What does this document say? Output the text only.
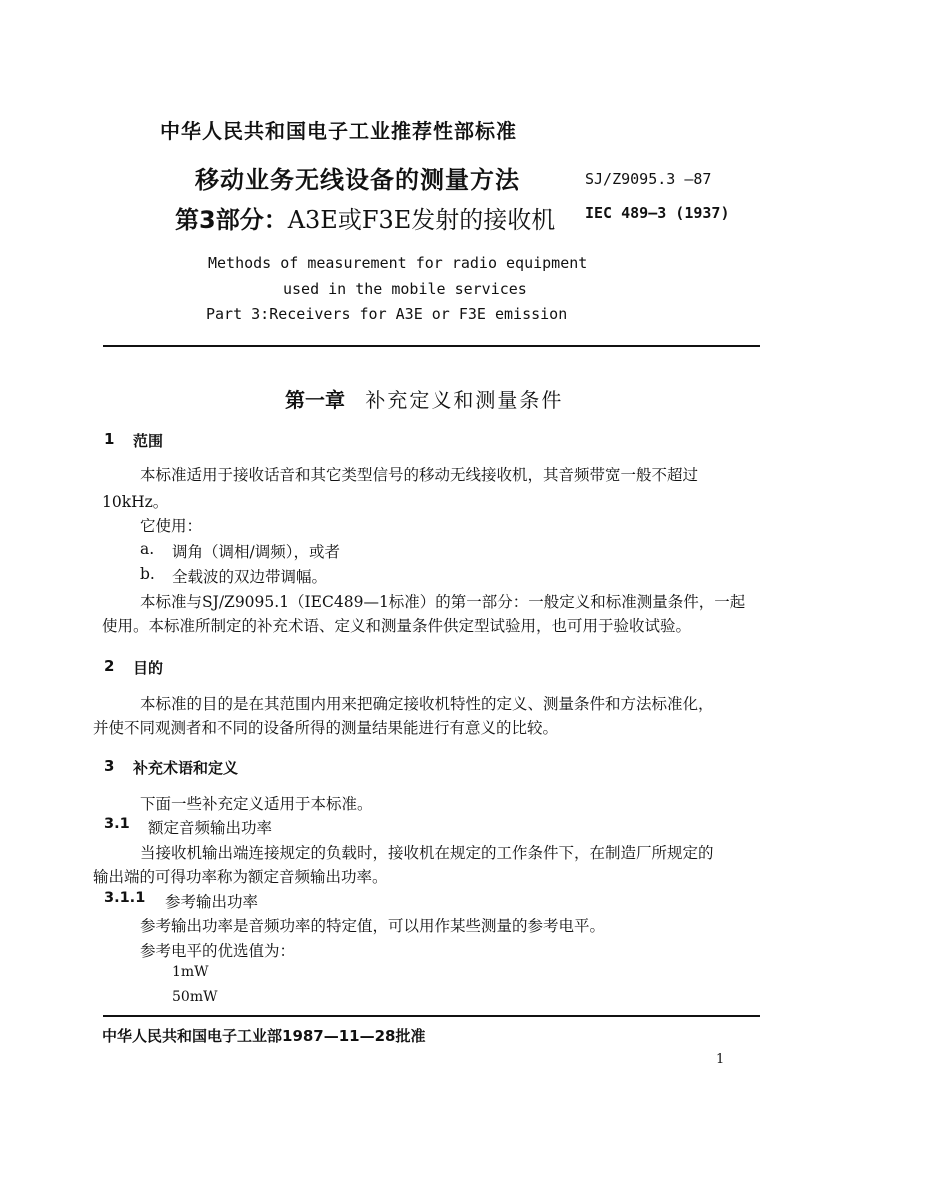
中华人民共和国电子工业推荐性部标准
移动业务无线设备的测量方法	SJ/Z9095.3 —87
第3部分：A3E或F3E发射的接收机 IEC 489—3 (1937)
Methods of measurement for radio equipment
used in the mobile services
Part 3:Receivers for A3E or F3E emission
第一章 补充定义和测量条件
1 范围
本标准适用于接收话音和其它类型信号的移动无线接收机，其音频带宽一般不超过
10kHz。
它使用：
a. 调角（调相/调频），或者
b. 全载波的双边带调幅。
本标准与SJ/Z9095.1（IEC489—1标准）的第一部分：一般定义和标准测量条件，一起
使用。本标准所制定的补充术语、定义和测量条件供定型试验用，也可用于验收试验。
2 目的
本标准的目的是在其范围内用来把确定接收机特性的定义、测量条件和方法标准化，
并使不同观测者和不同的设备所得的测量结果能进行有意义的比较。
3 补充术语和定义
下面一些补充定义适用于本标准。
3.1 额定音频输出功率
当接收机输出端连接规定的负载时，接收机在规定的工作条件下，在制造厂所规定的
输出端的可得功率称为额定音频输出功率。
3.1.1 参考输出功率
参考输出功率是音频功率的特定值，可以用作某些测量的参考电平。
参考电平的优选值为：
1mW
50mW
中华人民共和国电子工业部1987—11—28批准
1
